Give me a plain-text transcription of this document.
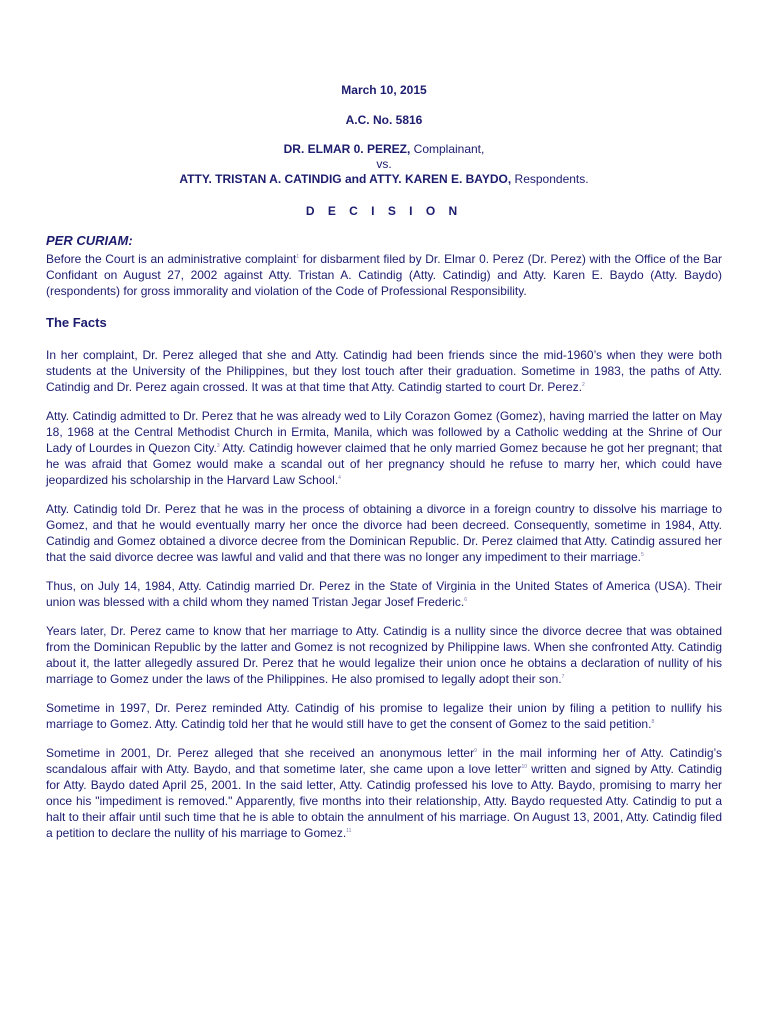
March 10, 2015
A.C. No. 5816
DR. ELMAR 0. PEREZ, Complainant,
vs.
ATTY. TRISTAN A. CATINDIG and ATTY. KAREN E. BAYDO, Respondents.
D E C I S I O N
PER CURIAM:

Before the Court is an administrative complaint$^1$ for disbarment filed by Dr. Elmar 0. Perez (Dr. Perez) with the Office of the Bar Confidant on August 27, 2002 against Atty. Tristan A. Catindig (Atty. Catindig) and Atty. Karen E. Baydo (Atty. Baydo) (respondents) for gross immorality and violation of the Code of Professional Responsibility.

The Facts

In her complaint, Dr. Perez alleged that she and Atty. Catindig had been friends since the mid-1960’s when they were both students at the University of the Philippines, but they lost touch after their graduation. Sometime in 1983, the paths of Atty. Catindig and Dr. Perez again crossed. It was at that time that Atty. Catindig started to court Dr. Perez.$^2$

Atty. Catindig admitted to Dr. Perez that he was already wed to Lily Corazon Gomez (Gomez), having married the latter on May 18, 1968 at the Central Methodist Church in Ermita, Manila, which was followed by a Catholic wedding at the Shrine of Our Lady of Lourdes in Quezon City.$^3$ Atty. Catindig however claimed that he only married Gomez because he got her pregnant; that he was afraid that Gomez would make a scandal out of her pregnancy should he refuse to marry her, which could have jeopardized his scholarship in the Harvard Law School.$^4$

Atty. Catindig told Dr. Perez that he was in the process of obtaining a divorce in a foreign country to dissolve his marriage to Gomez, and that he would eventually marry her once the divorce had been decreed. Consequently, sometime in 1984, Atty. Catindig and Gomez obtained a divorce decree from the Dominican Republic. Dr. Perez claimed that Atty. Catindig assured her that the said divorce decree was lawful and valid and that there was no longer any impediment to their marriage.$^5$

Thus, on July 14, 1984, Atty. Catindig married Dr. Perez in the State of Virginia in the United States of America (USA). Their union was blessed with a child whom they named Tristan Jegar Josef Frederic.$^6$

Years later, Dr. Perez came to know that her marriage to Atty. Catindig is a nullity since the divorce decree that was obtained from the Dominican Republic by the latter and Gomez is not recognized by Philippine laws. When she confronted Atty. Catindig about it, the latter allegedly assured Dr. Perez that he would legalize their union once he obtains a declaration of nullity of his marriage to Gomez under the laws of the Philippines. He also promised to legally adopt their son.$^7$

Sometime in 1997, Dr. Perez reminded Atty. Catindig of his promise to legalize their union by filing a petition to nullify his marriage to Gomez. Atty. Catindig told her that he would still have to get the consent of Gomez to the said petition.$^8$

Sometime in 2001, Dr. Perez alleged that she received an anonymous letter$^9$ in the mail informing her of Atty. Catindig’s scandalous affair with Atty. Baydo, and that sometime later, she came upon a love letter$^{10}$ written and signed by Atty. Catindig for Atty. Baydo dated April 25, 2001. In the said letter, Atty. Catindig professed his love to Atty. Baydo, promising to marry her once his "impediment is removed." Apparently, five months into their relationship, Atty. Baydo requested Atty. Catindig to put a halt to their affair until such time that he is able to obtain the annulment of his marriage. On August 13, 2001, Atty. Catindig filed a petition to declare the nullity of his marriage to Gomez.$^{11}$
